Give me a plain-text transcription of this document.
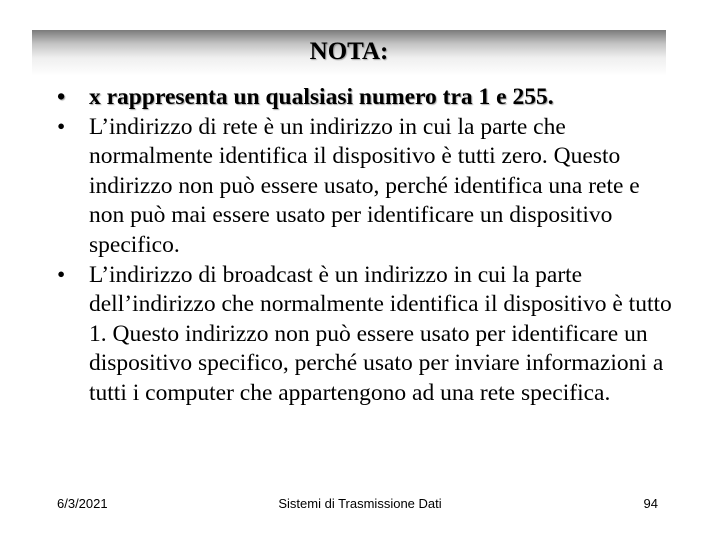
NOTA:
•	x rappresenta un qualsiasi numero tra 1 e 255.
•	L’indirizzo di rete è un indirizzo in cui la parte che normalmente identifica il dispositivo è tutti zero. Questo indirizzo non può essere usato, perché identifica una rete e non può mai essere usato per identificare un dispositivo specifico.
•	L’indirizzo di broadcast è un indirizzo in cui la parte dell’indirizzo che normalmente identifica il dispositivo è tutto 1. Questo indirizzo non può essere usato per identificare un dispositivo specifico, perché usato per inviare informazioni a tutti i computer che appartengono ad una rete specifica.
6/3/2021	Sistemi di Trasmissione Dati	94
